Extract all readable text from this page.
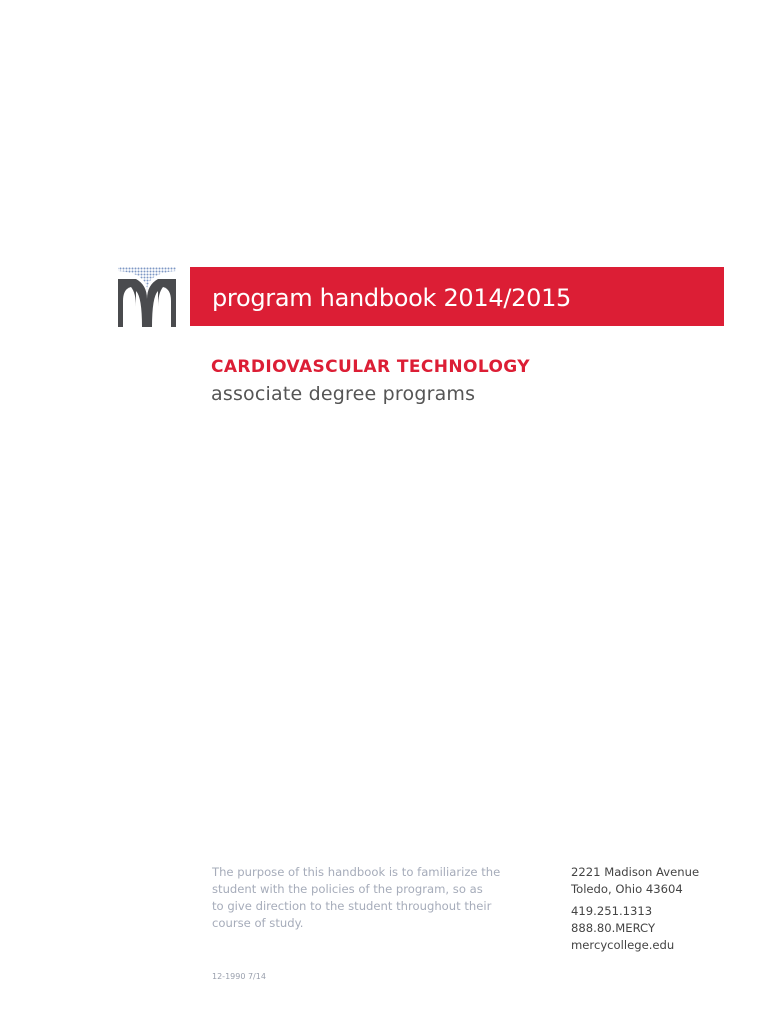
program handbook 2014/2015
CARDIOVASCULAR TECHNOLOGY
associate degree programs
The purpose of this handbook is to familiarize the
student with the policies of the program, so as
to give direction to the student throughout their
course of study.
2221 Madison Avenue
Toledo, Ohio 43604
419.251.1313
888.80.MERCY
mercycollege.edu
12-1990 7/14
